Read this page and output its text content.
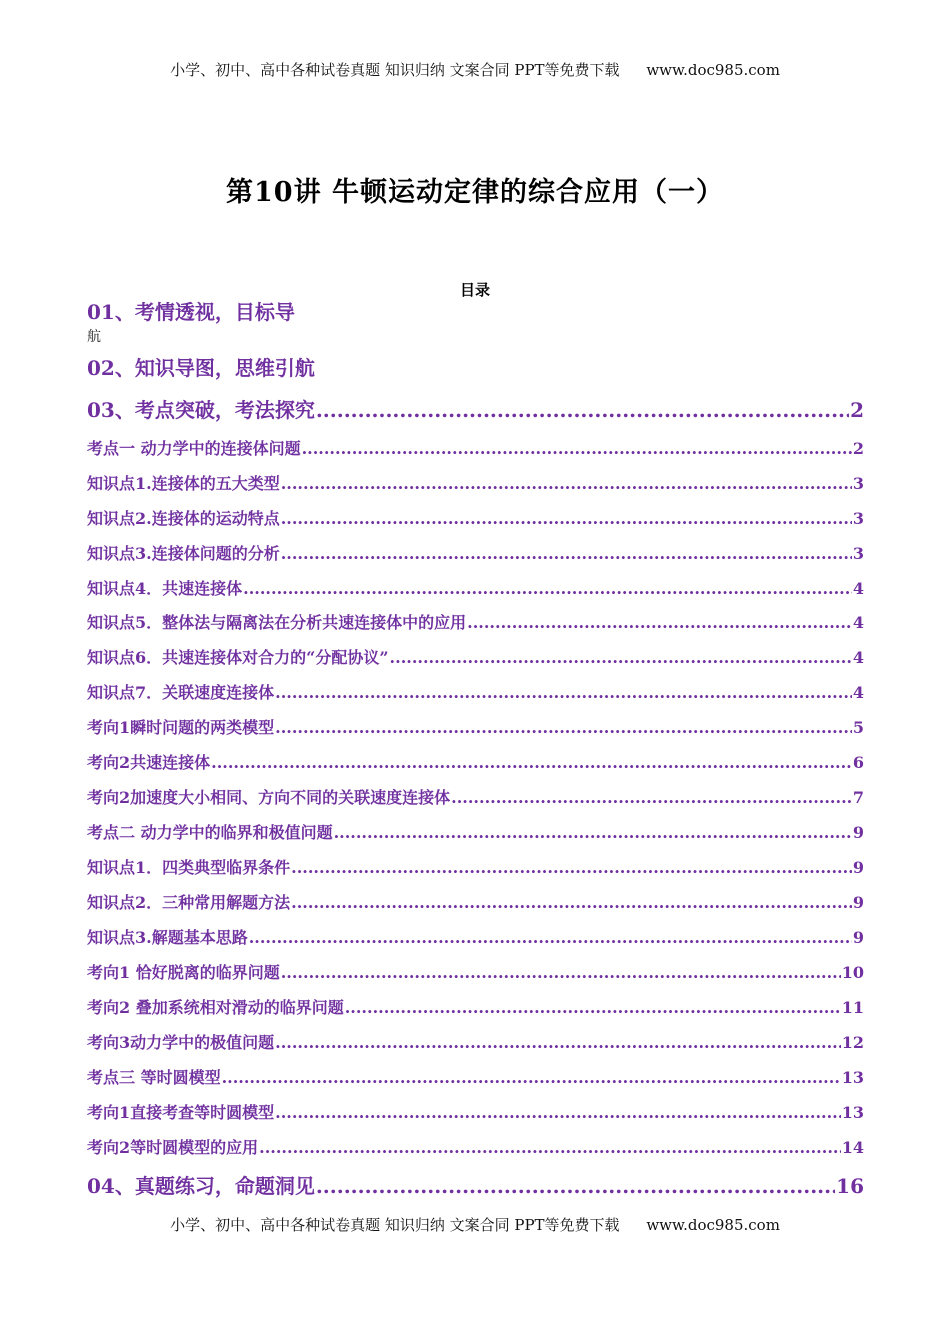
小学、初中、高中各种试卷真题 知识归纳 文案合同 PPT等免费下载 www.doc985.com
第10讲 牛顿运动定律的综合应用（一）
目录
01、考情透视，目标导
航
02、知识导图，思维引航
03、考点突破，考法探究 .....	2
考点一 动力学中的连接体问题 .....	2
知识点1.连接体的五大类型 .....	3
知识点2.连接体的运动特点 .....	3
知识点3.连接体问题的分析 .....	3
知识点4．共速连接体 .....	4
知识点5．整体法与隔离法在分析共速连接体中的应用 .....	4
知识点6．共速连接体对合力的“分配协议” .....	4
知识点7．关联速度连接体 .....	4
考向1瞬时问题的两类模型 .....	5
考向2共速连接体 .....	6
考向2加速度大小相同、方向不同的关联速度连接体 .....	7
考点二 动力学中的临界和极值问题 .....	9
知识点1．四类典型临界条件 .....	9
知识点2．三种常用解题方法 .....	9
知识点3.解题基本思路 .....	9
考向1 恰好脱离的临界问题 .....	10
考向2 叠加系统相对滑动的临界问题 .....	11
考向3动力学中的极值问题 .....	12
考点三 等时圆模型 .....	13
考向1直接考查等时圆模型 .....	13
考向2等时圆模型的应用 .....	14
04、真题练习，命题洞见 .....	16
小学、初中、高中各种试卷真题 知识归纳 文案合同 PPT等免费下载 www.doc985.com
